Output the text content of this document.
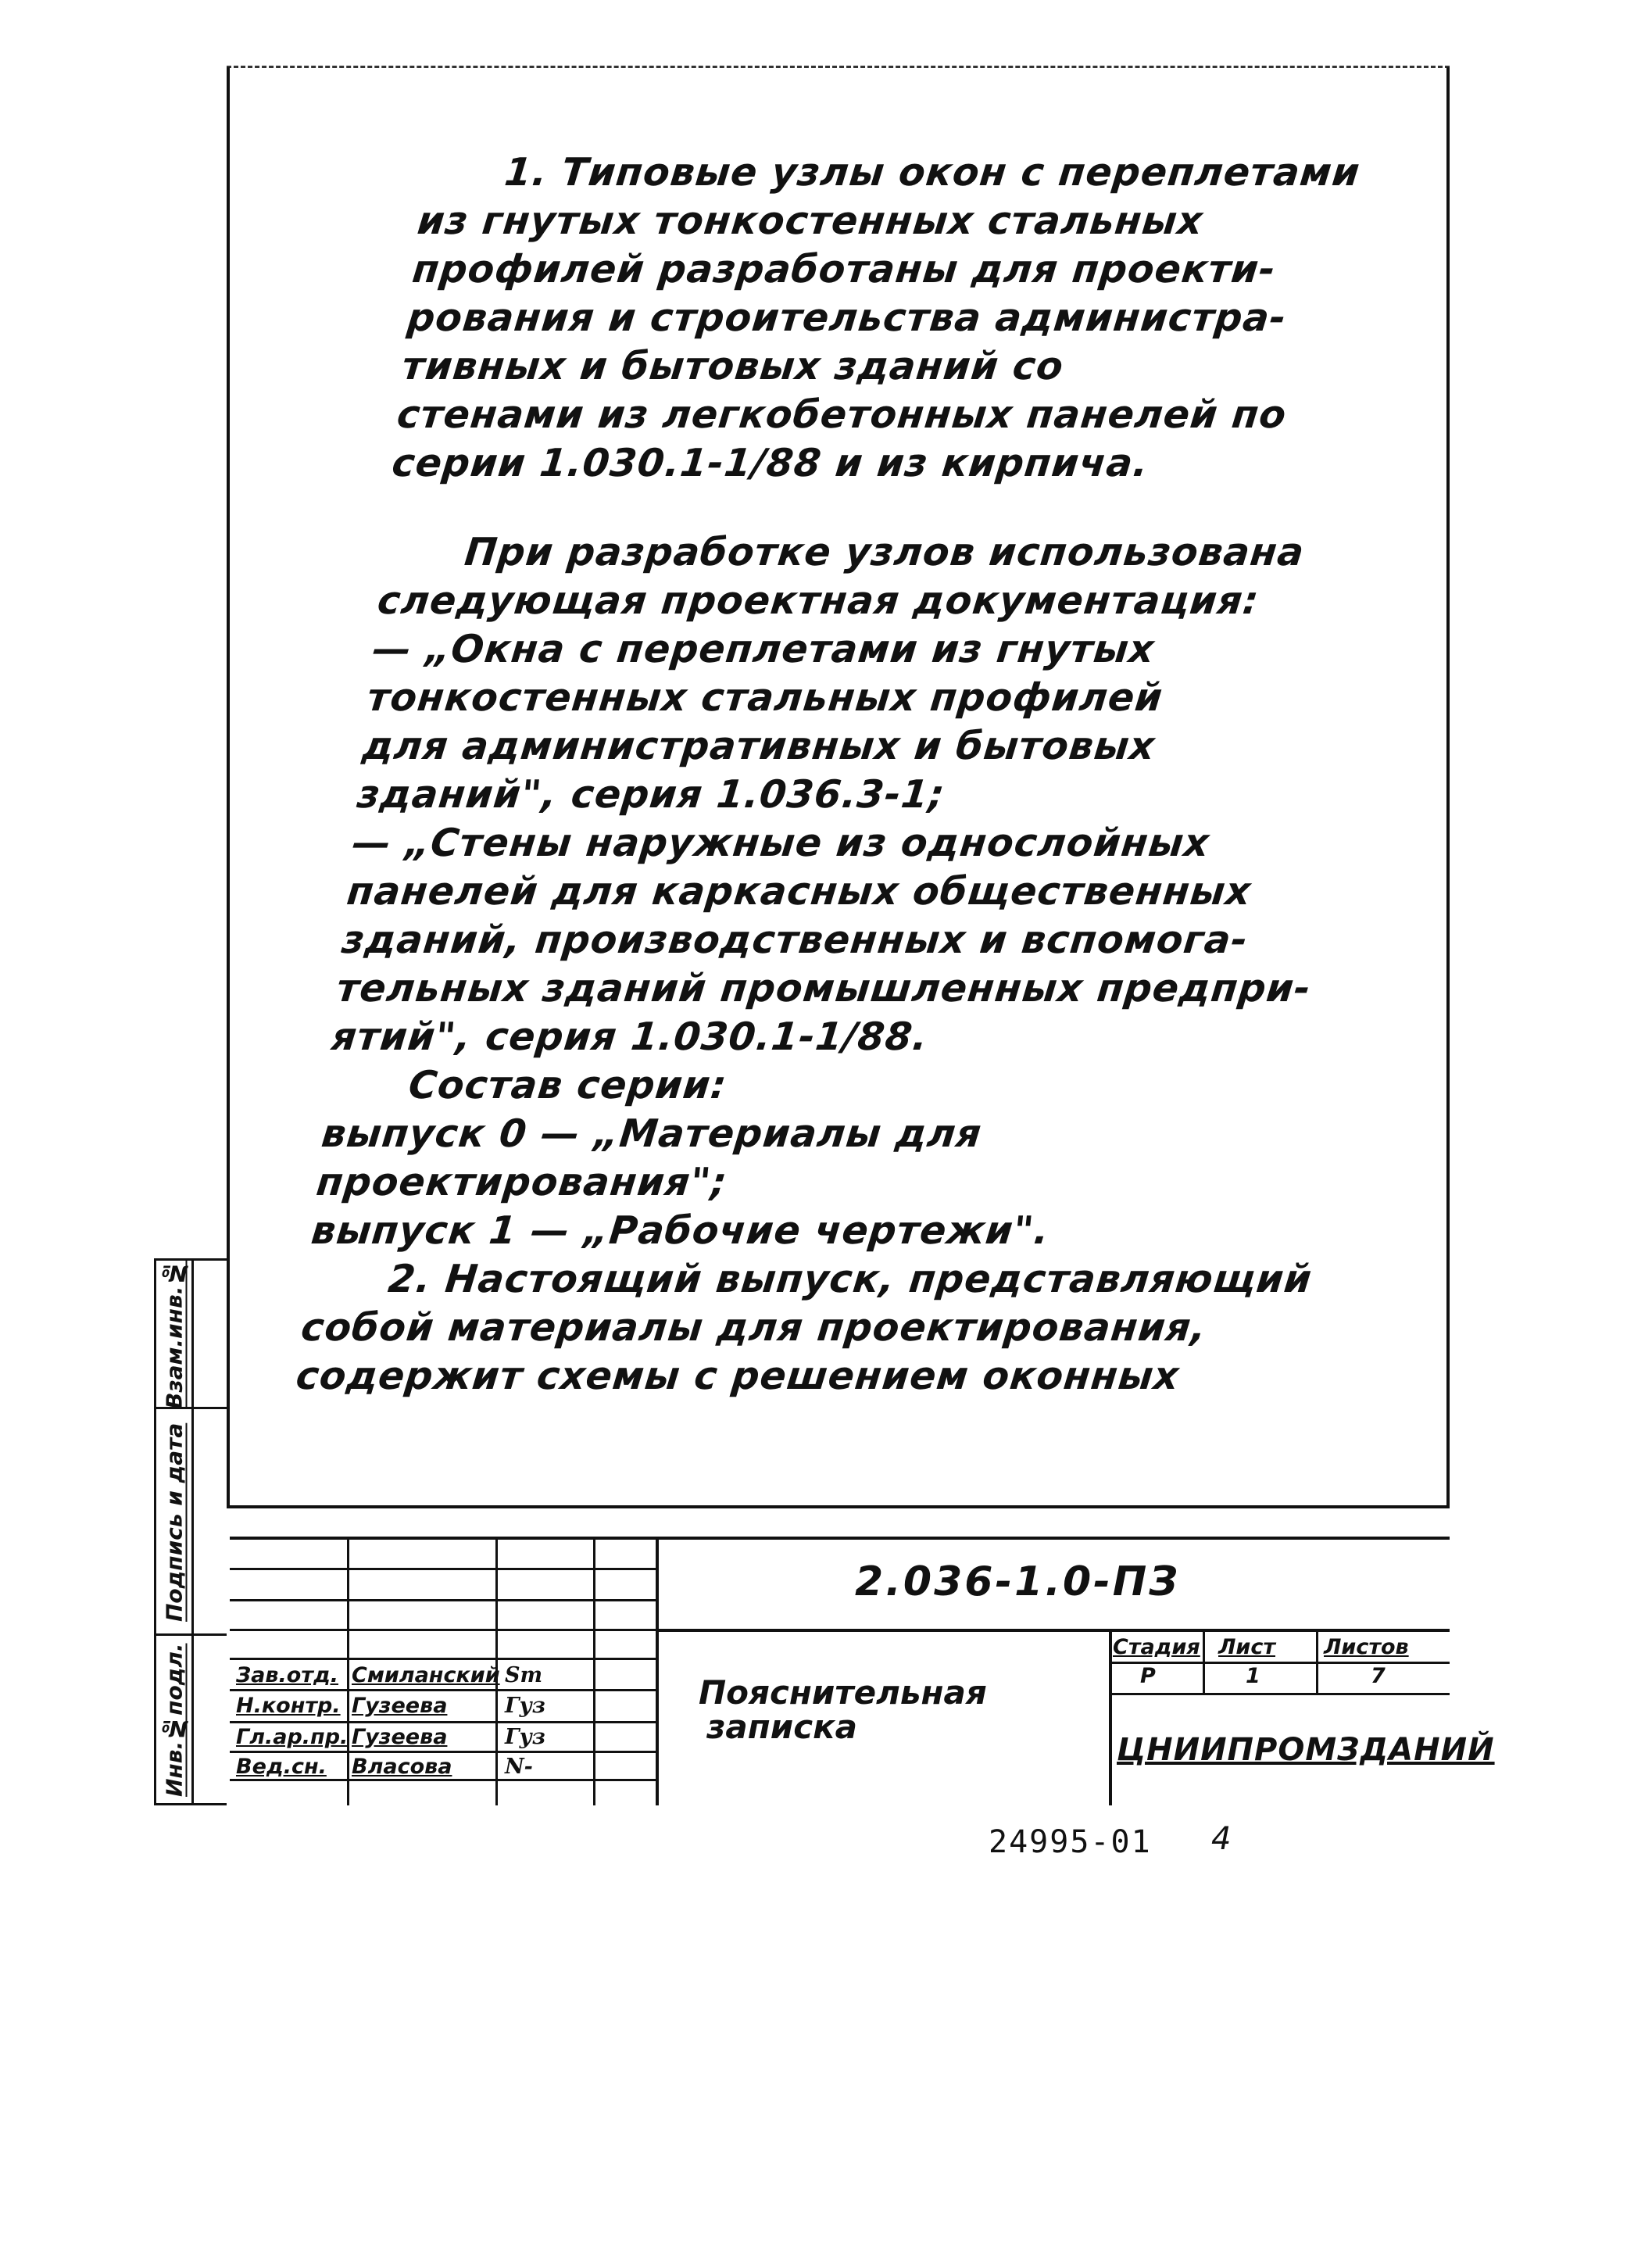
1. Типовые узлы окон с переплетами
из гнутых тонкостенных стальных
профилей разработаны для проекти-
рования и строительства администра-
тивных и бытовых зданий со
стенами из легкобетонных панелей по
серии 1.030.1-1/88 и из кирпича.

При разработке узлов использована
следующая проектная документация:
— „Окна с переплетами из гнутых
тонкостенных стальных профилей
для административных и бытовых
зданий", серия 1.036.3-1;
— „Стены наружные из однослойных
панелей для каркасных общественных
зданий, производственных и вспомога-
тельных зданий промышленных предпри-
ятий", серия 1.030.1-1/88.

Состав серии:

выпуск 0 — „Материалы для проектирования";
выпуск 1 — „Рабочие чертежи".

2. Настоящий выпуск, представляющий
собой материалы для проектирования,
содержит схемы с решением оконных

Взам.инв.№
Подпись и дата
Инв.№подл.
2.036-1.0-ПЗ
Пояснительная
записка
Стадия Лист Листов
Р	1	7
ЦНИИПРОМЗДАНИЙ
Зав.отд. Смиланский Sm
Н.контр. Гузеева	Гуз
Гл.ар.пр. Гузеева	Гуз
Вед.сн. Власова	N-
24995-01 4
